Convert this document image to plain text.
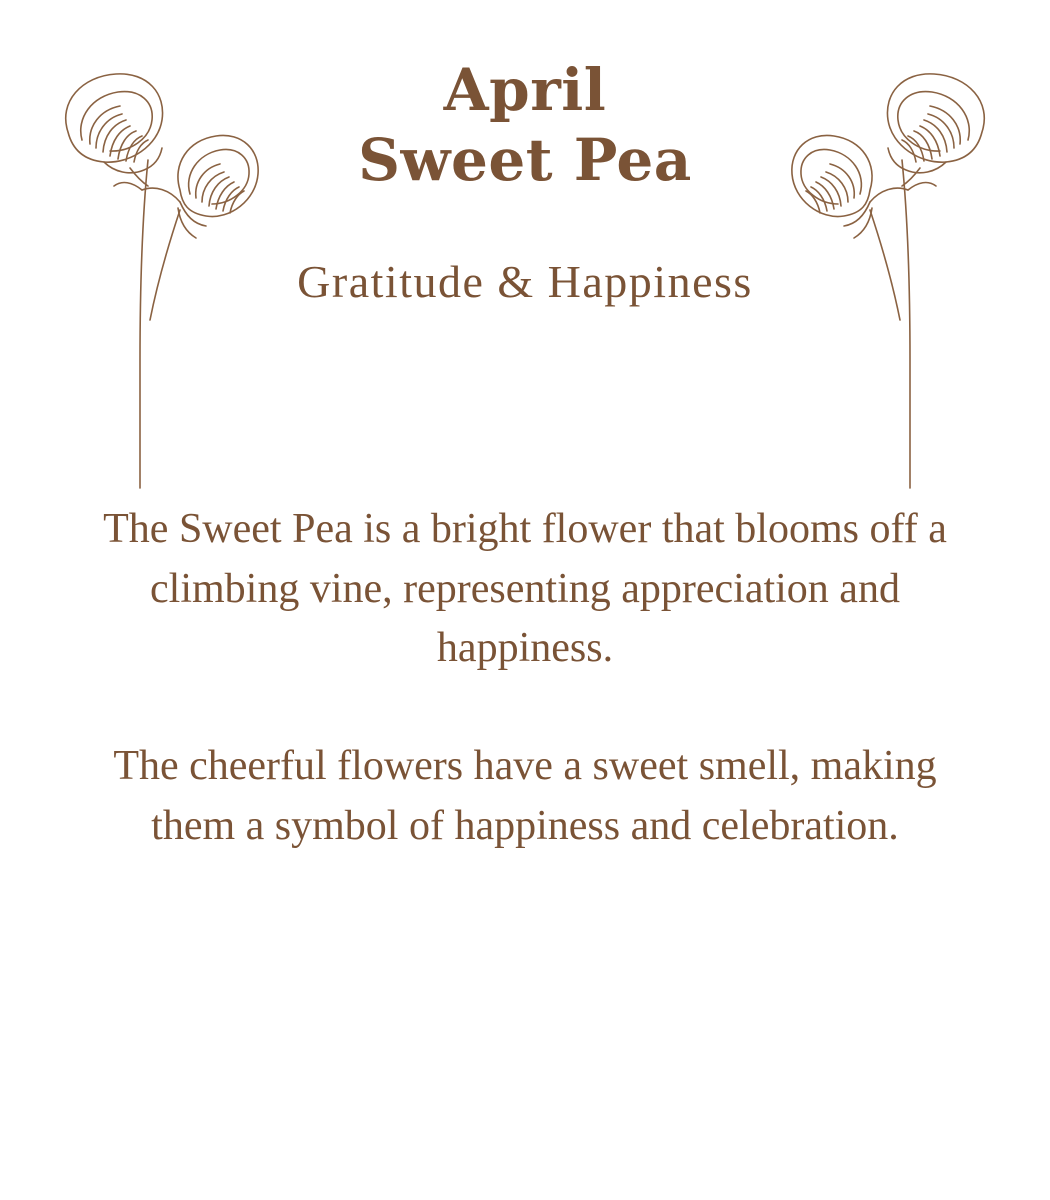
April
Sweet Pea
Gratitude & Happiness

The Sweet Pea is a bright flower that blooms off a climbing vine, representing appreciation and happiness.

The cheerful flowers have a sweet smell, making them a symbol of happiness and celebration.
